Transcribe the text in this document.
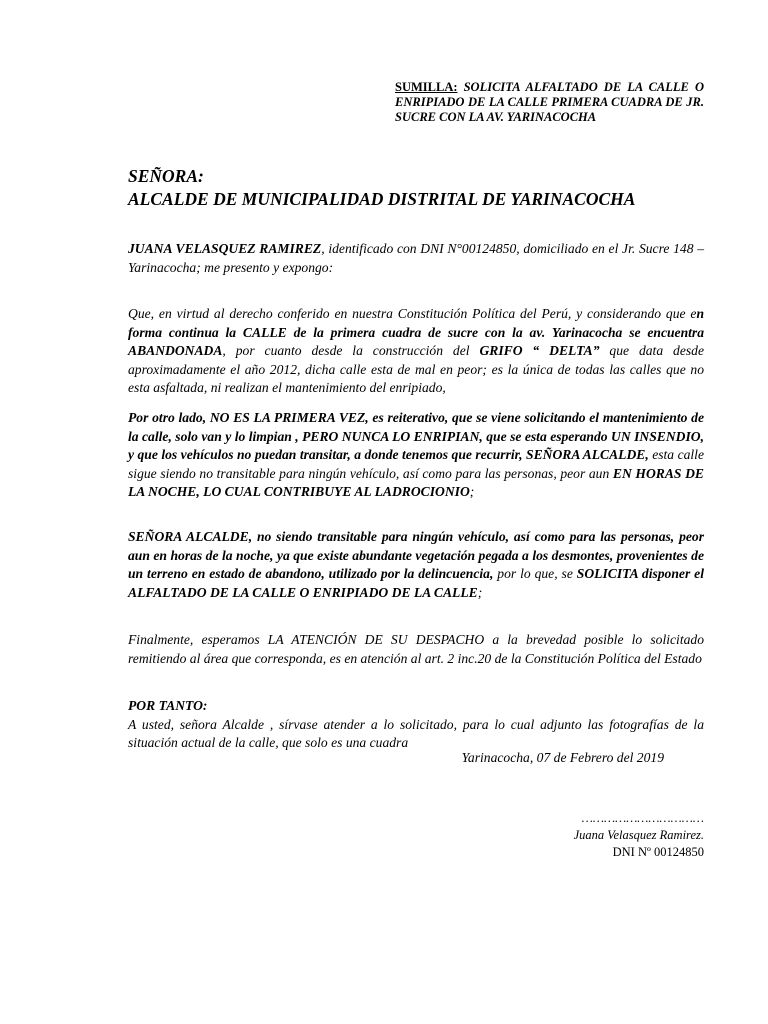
SUMILLA: SOLICITA ALFALTADO DE LA CALLE O ENRIPIADO DE LA CALLE PRIMERA CUADRA DE JR. SUCRE CON LA AV. YARINACOCHA
SEÑORA:
ALCALDE DE MUNICIPALIDAD DISTRITAL DE YARINACOCHA

JUANA VELASQUEZ RAMIREZ, identificado con DNI N°00124850, domiciliado en el Jr. Sucre 148 – Yarinacocha; me presento y expongo:

Que, en virtud al derecho conferido en nuestra Constitución Política del Perú, y considerando que en forma continua la CALLE de la primera cuadra de sucre con la av. Yarinacocha se encuentra ABANDONADA, por cuanto desde la construcción del GRIFO “ DELTA” que data desde aproximadamente el año 2012, dicha calle esta de mal en peor; es la única de todas las calles que no esta asfaltada, ni realizan el mantenimiento del enripiado,

Por otro lado, NO ES LA PRIMERA VEZ, es reiterativo, que se viene solicitando el mantenimiento de la calle, solo van y lo limpian , PERO NUNCA LO ENRIPIAN, que se esta esperando UN INSENDIO, y que los vehículos no puedan transitar, a donde tenemos que recurrir, SEÑORA ALCALDE, esta calle sigue siendo no transitable para ningún vehículo, así como para las personas, peor aun EN HORAS DE LA NOCHE, LO CUAL CONTRIBUYE AL LADROCIONIO;

SEÑORA ALCALDE, no siendo transitable para ningún vehículo, así como para las personas, peor aun en horas de la noche, ya que existe abundante vegetación pegada a los desmontes, provenientes de un terreno en estado de abandono, utilizado por la delincuencia, por lo que, se SOLICITA disponer el ALFALTADO DE LA CALLE O ENRIPIADO DE LA CALLE;

Finalmente, esperamos LA ATENCIÓN DE SU DESPACHO a la brevedad posible lo solicitado remitiendo al área que corresponda, es en atención al art. 2 inc.20 de la Constitución Política del Estado

POR TANTO:
A usted, señora Alcalde , sírvase atender a lo solicitado, para lo cual adjunto las fotografías de la situación actual de la calle, que solo es una cuadra

Yarinacocha, 07 de Febrero del 2019
……………………………
Juana Velasquez Ramirez.
DNI Nº 00124850
